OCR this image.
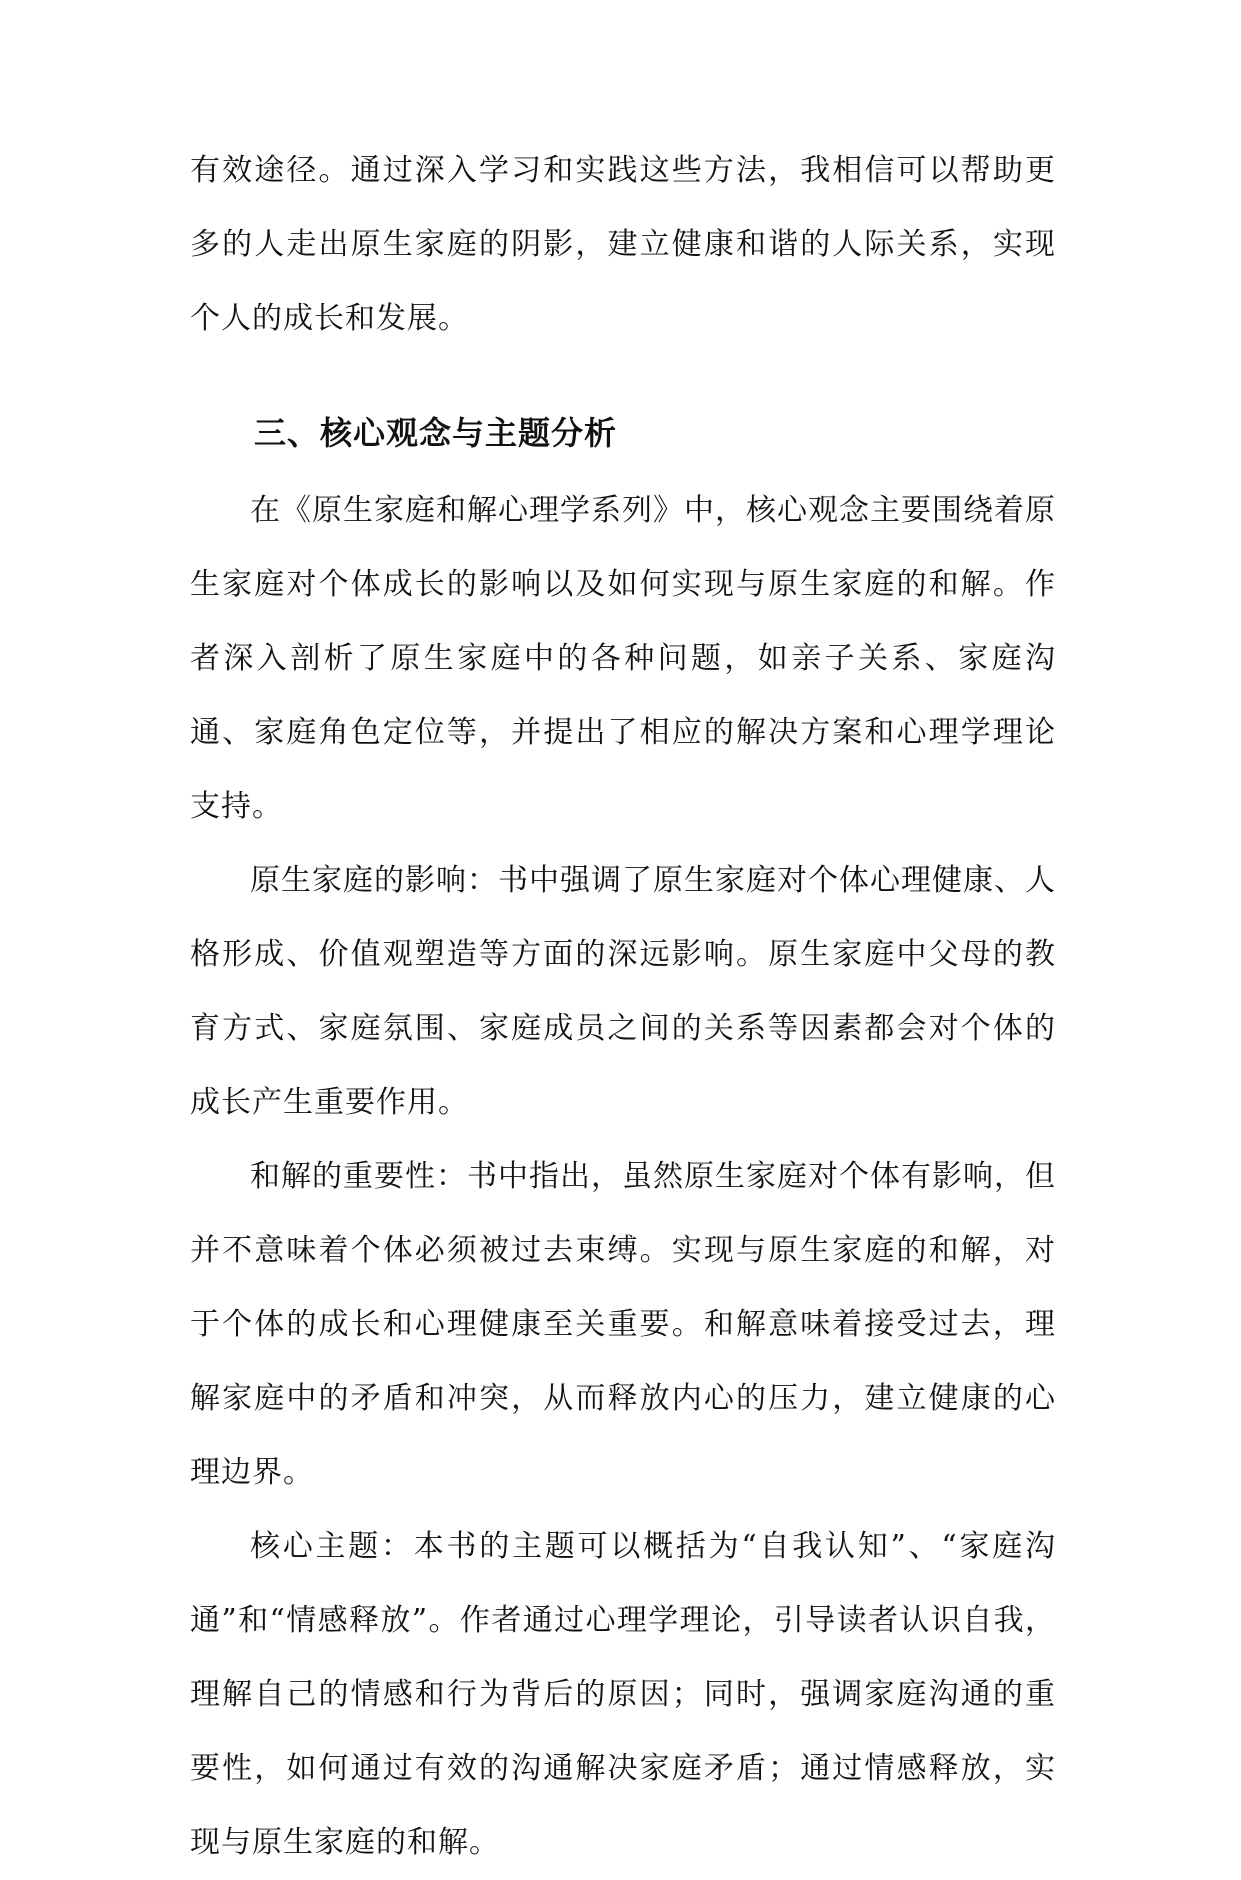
有效途径。通过深入学习和实践这些方法，我相信可以帮助更多的人走出原生家庭的阴影，建立健康和谐的人际关系，实现个人的成长和发展。

三、核心观念与主题分析

在《原生家庭和解心理学系列》中，核心观念主要围绕着原生家庭对个体成长的影响以及如何实现与原生家庭的和解。作者深入剖析了原生家庭中的各种问题，如亲子关系、家庭沟通、家庭角色定位等，并提出了相应的解决方案和心理学理论支持。

原生家庭的影响：书中强调了原生家庭对个体心理健康、人格形成、价值观塑造等方面的深远影响。原生家庭中父母的教育方式、家庭氛围、家庭成员之间的关系等因素都会对个体的成长产生重要作用。

和解的重要性：书中指出，虽然原生家庭对个体有影响，但并不意味着个体必须被过去束缚。实现与原生家庭的和解，对于个体的成长和心理健康至关重要。和解意味着接受过去，理解家庭中的矛盾和冲突，从而释放内心的压力，建立健康的心理边界。

核心主题：本书的主题可以概括为“自我认知”、“家庭沟通”和“情感释放”。作者通过心理学理论，引导读者认识自我，理解自己的情感和行为背后的原因；同时，强调家庭沟通的重要性，如何通过有效的沟通解决家庭矛盾；通过情感释放，实现与原生家庭的和解。
